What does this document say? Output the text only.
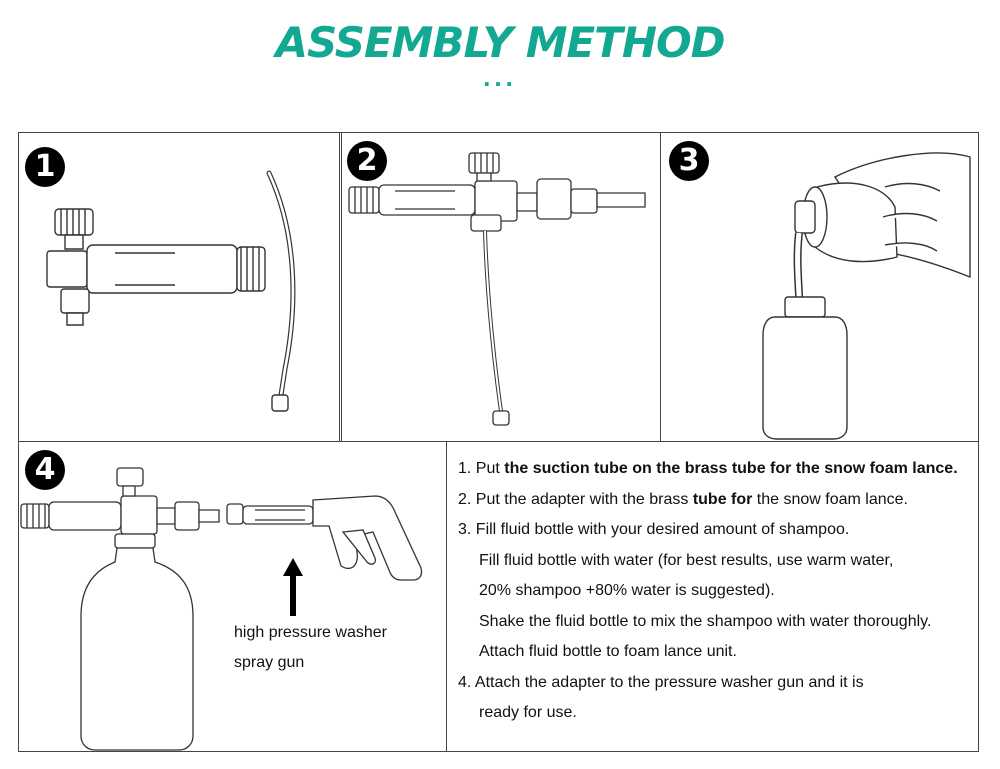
ASSEMBLY METHOD
...
1	2	3
4
high pressure washer
spray gun
1. Put the suction tube on the brass tube for the snow foam lance.
2. Put the adapter with the brass tube for the snow foam lance.
3. Fill fluid bottle with your desired amount of shampoo.
Fill fluid bottle with water (for best results, use warm water,
20% shampoo +80% water is suggested).
Shake the fluid bottle to mix the shampoo with water thoroughly.
Attach fluid bottle to foam lance unit.
4. Attach the adapter to the pressure washer gun and it is
ready for use.
